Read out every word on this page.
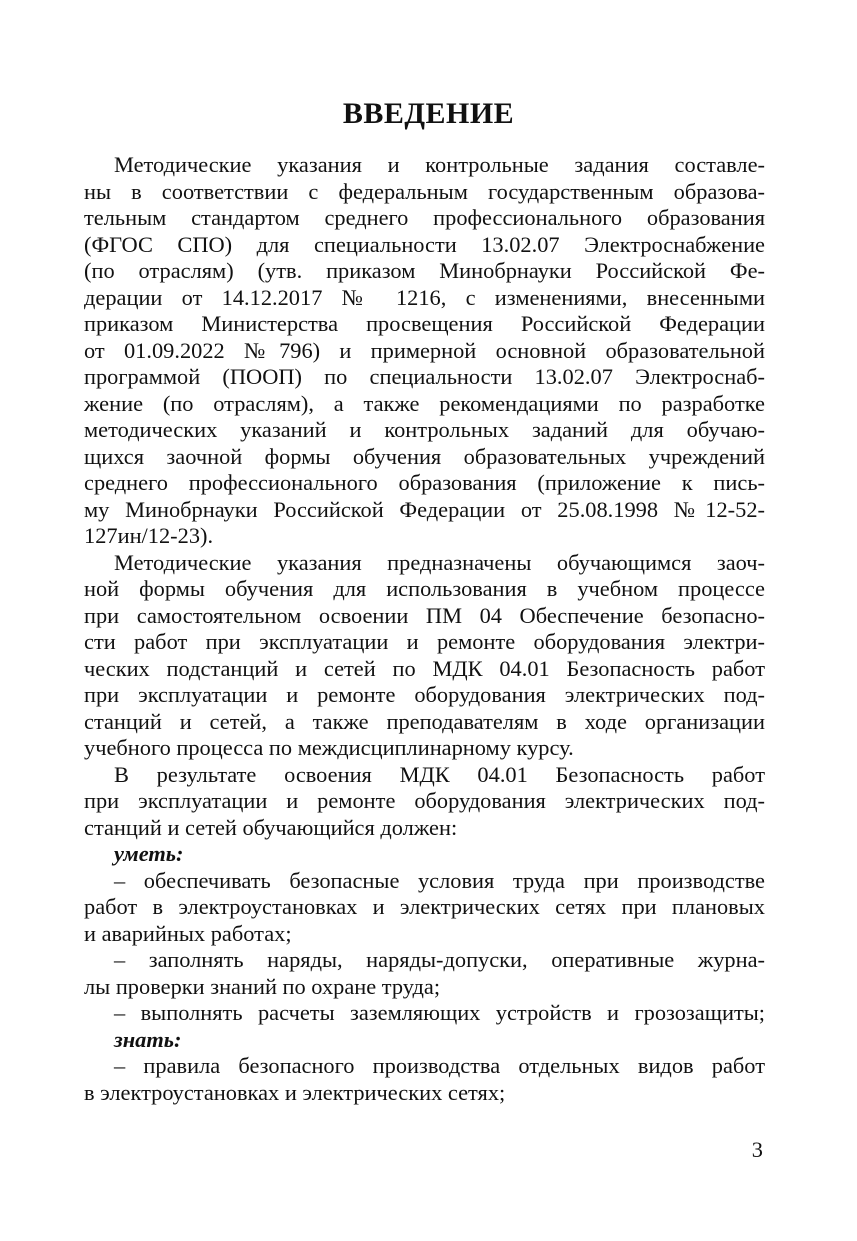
ВВЕДЕНИЕ
Методические указания и контрольные задания составле-
ны в соответствии с федеральным государственным образова-
тельным стандартом среднего профессионального образования
(ФГОС СПО) для специальности 13.02.07 Электроснабжение
(по отраслям) (утв. приказом Минобрнауки Российской Фе-
дерации от 14.12.2017 № 1216, с изменениями, внесенными
приказом Министерства просвещения Российской Федерации
от 01.09.2022 №796) и примерной основной образовательной
программой (ПООП) по специальности 13.02.07 Электроснаб-
жение (по отраслям), а также рекомендациями по разработке
методических указаний и контрольных заданий для обучаю-
щихся заочной формы обучения образовательных учреждений
среднего профессионального образования (приложение к пись-
му Минобрнауки Российской Федерации от 25.08.1998 №12-52-
127ин/12-23).
Методические указания предназначены обучающимся заоч-
ной формы обучения для использования в учебном процессе
при самостоятельном освоении ПМ 04 Обеспечение безопасно-
сти работ при эксплуатации и ремонте оборудования электри-
ческих подстанций и сетей по МДК 04.01 Безопасность работ
при эксплуатации и ремонте оборудования электрических под-
станций и сетей, а также преподавателям в ходе организации
учебного процесса по междисциплинарному курсу.
В результате освоения МДК 04.01 Безопасность работ
при эксплуатации и ремонте оборудования электрических под-
станций и сетей обучающийся должен:
уметь:
– обеспечивать безопасные условия труда при производстве
работ в электроустановках и электрических сетях при плановых
и аварийных работах;
– заполнять наряды, наряды-допуски, оперативные журна-
лы проверки знаний по охране труда;
– выполнять расчеты заземляющих устройств и грозозащиты;
знать:
– правила безопасного производства отдельных видов работ
в электроустановках и электрических сетях;

3
